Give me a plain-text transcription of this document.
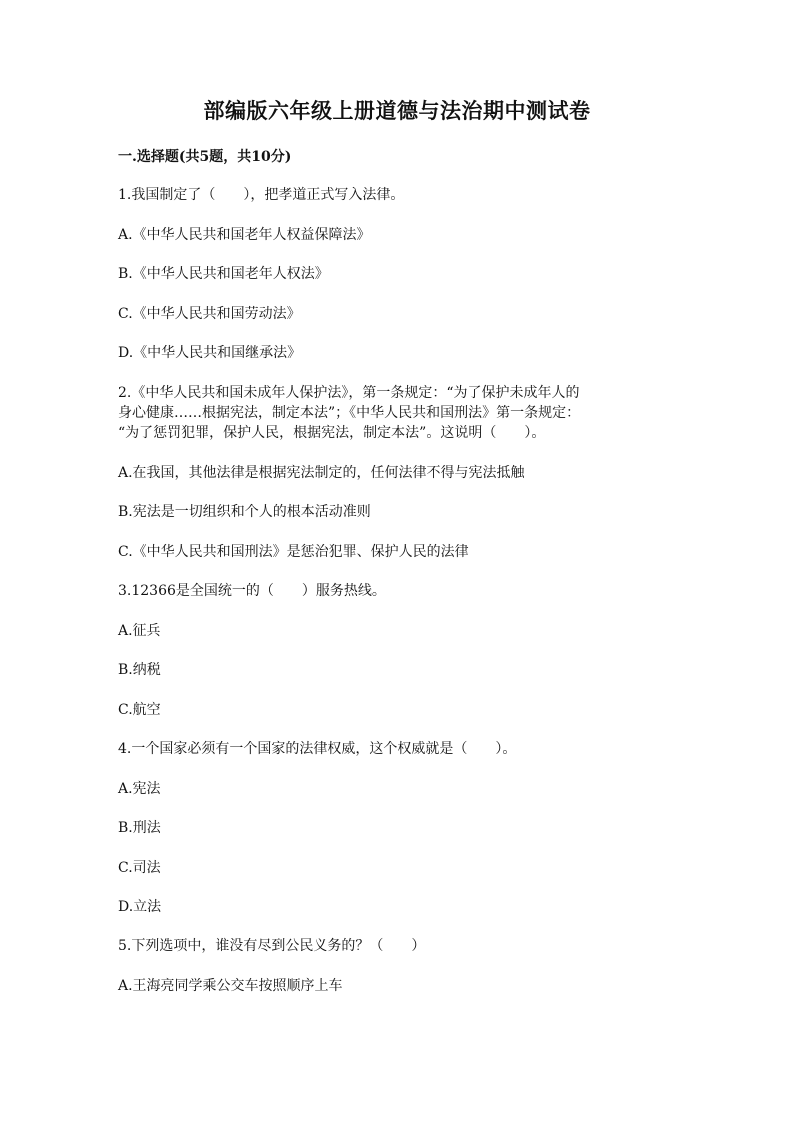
部编版六年级上册道德与法治期中测试卷
一.选择题(共5题，共10分)
1.我国制定了（　　），把孝道正式写入法律。
A.《中华人民共和国老年人权益保障法》
B.《中华人民共和国老年人权法》
C.《中华人民共和国劳动法》
D.《中华人民共和国继承法》
2.《中华人民共和国未成年人保护法》，第一条规定：“为了保护未成年人的
身心健康……根据宪法，制定本法”；《中华人民共和国刑法》第一条规定：
“为了惩罚犯罪，保护人民，根据宪法，制定本法”。这说明（　　）。
A.在我国，其他法律是根据宪法制定的，任何法律不得与宪法抵触
B.宪法是一切组织和个人的根本活动准则
C.《中华人民共和国刑法》是惩治犯罪、保护人民的法律
3.12366是全国统一的（　　）服务热线。
A.征兵
B.纳税
C.航空
4.一个国家必须有一个国家的法律权威，这个权威就是（　　）。
A.宪法
B.刑法
C.司法
D.立法
5.下列选项中，谁没有尽到公民义务的？（　　）
A.王海亮同学乘公交车按照顺序上车
